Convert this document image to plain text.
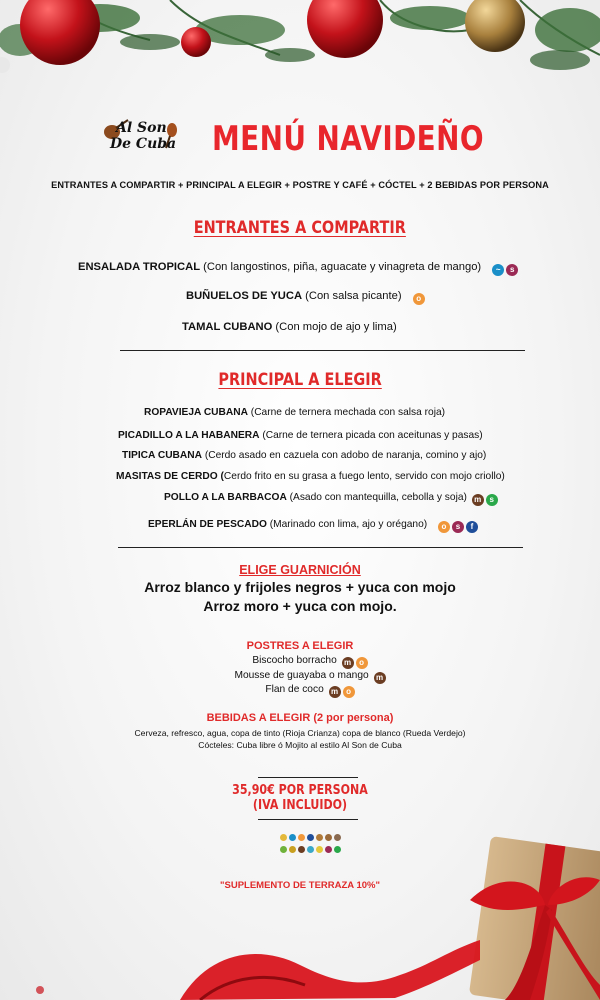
Al Son
De Cuba MENÚ NAVIDEÑO
ENTRANTES A COMPARTIR + PRINCIPAL A ELEGIR + POSTRE Y CAFÉ + CÓCTEL + 2 BEBIDAS POR PERSONA
ENTRANTES A COMPARTIR
ENSALADA TROPICAL (Con langostinos, piña, aguacate y vinagreta de mango) ~ s
BUÑUELOS DE YUCA (Con salsa picante) o
TAMAL CUBANO (Con mojo de ajo y lima)
PRINCIPAL A ELEGIR
ROPAVIEJA CUBANA (Carne de ternera mechada con salsa roja)
PICADILLO A LA HABANERA (Carne de ternera picada con aceitunas y pasas)
TIPICA CUBANA (Cerdo asado en cazuela con adobo de naranja, comino y ajo)
MASITAS DE CERDO (Cerdo frito en su grasa a fuego lento, servido con mojo criollo)
POLLO A LA BARBACOA (Asado con mantequilla, cebolla y soja) m s
EPERLÁN DE PESCADO (Marinado con lima, ajo y orégano) o s f
ELIGE GUARNICIÓN
Arroz blanco y frijoles negros + yuca con mojo
Arroz moro + yuca con mojo.
POSTRES A ELEGIR
Biscocho borracho m o
Mousse de guayaba o mango m
Flan de coco m o
BEBIDAS A ELEGIR (2 por persona)
Cerveza, refresco, agua, copa de tinto (Rioja Crianza) copa de blanco (Rueda Verdejo)
Cócteles: Cuba libre ó Mojito al estilo Al Son de Cuba
35,90€ POR PERSONA
(IVA INCLUIDO)
"SUPLEMENTO DE TERRAZA 10%"
